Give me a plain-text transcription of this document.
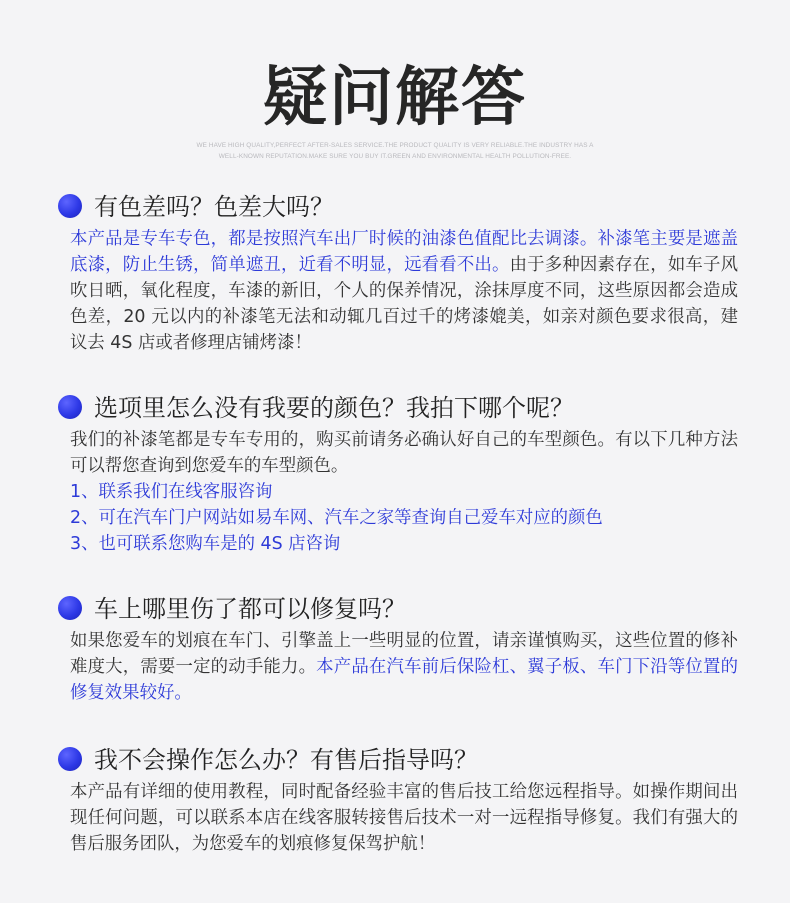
疑问解答
WE HAVE HIGH QUALITY,PERFECT AFTER-SALES SERVICE.THE PRODUCT QUALITY IS VERY RELIABLE.THE INDUSTRY HAS A
WELL-KNOWN REPUTATION.MAKE SURE YOU BUY IT.GREEN AND ENVIRONMENTAL HEALTH POLLUTION-FREE.
有色差吗？色差大吗？
本产品是专车专色，都是按照汽车出厂时候的油漆色值配比去调漆。补漆笔主要是遮盖底漆，防止生锈，简单遮丑，近看不明显，远看看不出。由于多种因素存在，如车子风吹日晒，氧化程度，车漆的新旧，个人的保养情况，涂抹厚度不同，这些原因都会造成色差，20 元以内的补漆笔无法和动辄几百过千的烤漆媲美，如亲对颜色要求很高，建议去 4S 店或者修理店铺烤漆！
选项里怎么没有我要的颜色？我拍下哪个呢？
我们的补漆笔都是专车专用的，购买前请务必确认好自己的车型颜色。有以下几种方法可以帮您查询到您爱车的车型颜色。
1、联系我们在线客服咨询
2、可在汽车门户网站如易车网、汽车之家等查询自己爱车对应的颜色
3、也可联系您购车是的 4S 店咨询
车上哪里伤了都可以修复吗？
如果您爱车的划痕在车门、引擎盖上一些明显的位置，请亲谨慎购买，这些位置的修补难度大，需要一定的动手能力。本产品在汽车前后保险杠、翼子板、车门下沿等位置的修复效果较好。
我不会操作怎么办？有售后指导吗？
本产品有详细的使用教程，同时配备经验丰富的售后技工给您远程指导。如操作期间出现任何问题，可以联系本店在线客服转接售后技术一对一远程指导修复。我们有强大的售后服务团队，为您爱车的划痕修复保驾护航！
